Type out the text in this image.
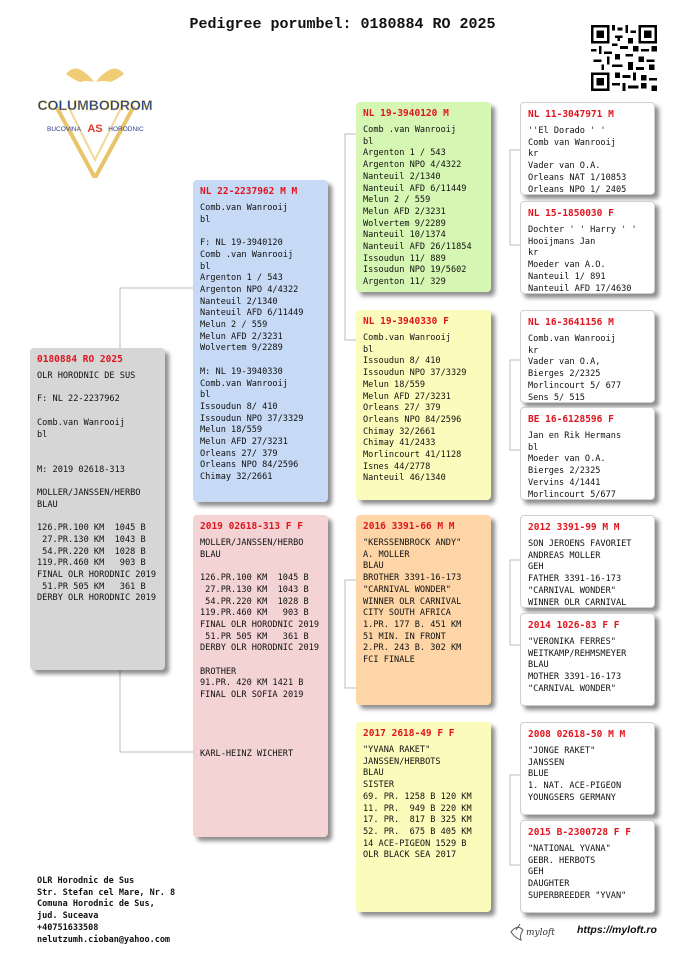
Pedigree porumbel: 0180884 RO 2025
COLUMBODROM
BUCOVINA AS HORODNIC
0180884 RO 2025
OLR HORODNIC DE SUS

F: NL 22-2237962

Comb.van Wanrooij
bl

M: 2019 02618-313

MOLLER/JANSSEN/HERBO
BLAU

126.PR.100 KM  1045 B
27.PR.130 KM  1043 B
54.PR.220 KM  1028 B
119.PR.460 KM   903 B
FINAL OLR HORODNIC 2019
51.PR 505 KM   361 B
DERBY OLR HORODNIC 2019
NL 22-2237962 M M
Comb.van Wanrooij
bl

F: NL 19-3940120
Comb .van Wanrooij
bl
Argenton 1 / 543
Argenton NPO 4/4322
Nanteuil 2/1340
Nanteuil AFD 6/11449
Melun 2 / 559
Melun AFD 2/3231
Wolvertem 9/2289

M: NL 19-3940330
Comb.van Wanrooij
bl
Issoudun 8/ 410
Issoudun NPO 37/3329
Melun 18/559
Melun AFD 27/3231
Orleans 27/ 379
Orleans NPO 84/2596
Chimay 32/2661
2019 02618-313 F F
MOLLER/JANSSEN/HERBO
BLAU

126.PR.100 KM  1045 B
27.PR.130 KM  1043 B
54.PR.220 KM  1028 B
119.PR.460 KM   903 B
FINAL OLR HORODNIC 2019
51.PR 505 KM   361 B
DERBY OLR HORODNIC 2019

BROTHER
91.PR. 420 KM 1421 B
FINAL OLR SOFIA 2019

KARL-HEINZ WICHERT
NL 19-3940120 M
Comb .van Wanrooij
bl
Argenton 1 / 543
Argenton NPO 4/4322
Nanteuil 2/1340
Nanteuil AFD 6/11449
Melun 2 / 559
Melun AFD 2/3231
Wolvertem 9/2289
Nanteuil 10/1374
Nanteuil AFD 26/11854
Issoudun 11/ 889
Issoudun NPO 19/5602
Argenton 11/ 329
NL 19-3940330 F
Comb.van Wanrooij
bl
Issoudun 8/ 410
Issoudun NPO 37/3329
Melun 18/559
Melun AFD 27/3231
Orleans 27/ 379
Orleans NPO 84/2596
Chimay 32/2661
Chimay 41/2433
Morlincourt 41/1128
Isnes 44/2778
Nanteuil 46/1340
2016 3391-66 M M
"KERSSENBROCK ANDY"
A. MOLLER
BLAU
BROTHER 3391-16-173
"CARNIVAL WONDER"
WINNER OLR CARNIVAL
CITY SOUTH AFRICA
1.PR. 177 B. 451 KM
51 MIN. IN FRONT
2.PR. 243 B. 302 KM
FCI FINALE
2017 2618-49 F F
"YVANA RAKET"
JANSSEN/HERBOTS
BLAU
SISTER
69. PR. 1258 B 120 KM
11. PR.  949 B 220 KM
17. PR.  817 B 325 KM
52. PR.  675 B 405 KM
14 ACE-PIGEON 1529 B
OLR BLACK SEA 2017
NL 11-3047971 M
''El Dorado ' '
Comb van Wanrooij
kr
Vader van O.A.
Orleans NAT 1/10853
Orleans NPO 1/ 2405
NL 15-1850030 F
Dochter ' ' Harry ' '
Hooijmans Jan
kr
Moeder van A.O.
Nanteuil 1/ 891
Nanteuil AFD 17/4630
NL 16-3641156 M
Comb.van Wanrooij
kr
Vader van O.A,
Bierges 2/2325
Morlincourt 5/ 677
Sens 5/ 515
BE 16-6128596 F
Jan en Rik Hermans
bl
Moeder van O.A.
Bierges 2/2325
Vervins 4/1441
Morlincourt 5/677
2012 3391-99 M M
SON JEROENS FAVORIET
ANDREAS MOLLER
GEH
FATHER 3391-16-173
"CARNIVAL WONDER"
WINNER OLR CARNIVAL
2014 1026-83 F F
"VERONIKA FERRES"
WEITKAMP/REHMSMEYER
BLAU
MOTHER 3391-16-173
"CARNIVAL WONDER"
2008 02618-50 M M
"JONGE RAKET"
JANSSEN
BLUE
1. NAT. ACE-PIGEON
YOUNGSERS GERMANY
2015 B-2300728 F F
"NATIONAL YVANA"
GEBR. HERBOTS
GEH
DAUGHTER
SUPERBREEDER "YVAN"
OLR Horodnic de Sus
Str. Stefan cel Mare, Nr. 8
Comuna Horodnic de Sus,
jud. Suceava
+40751633508
nelutzumh.cioban@yahoo.com
myloft https://myloft.ro
